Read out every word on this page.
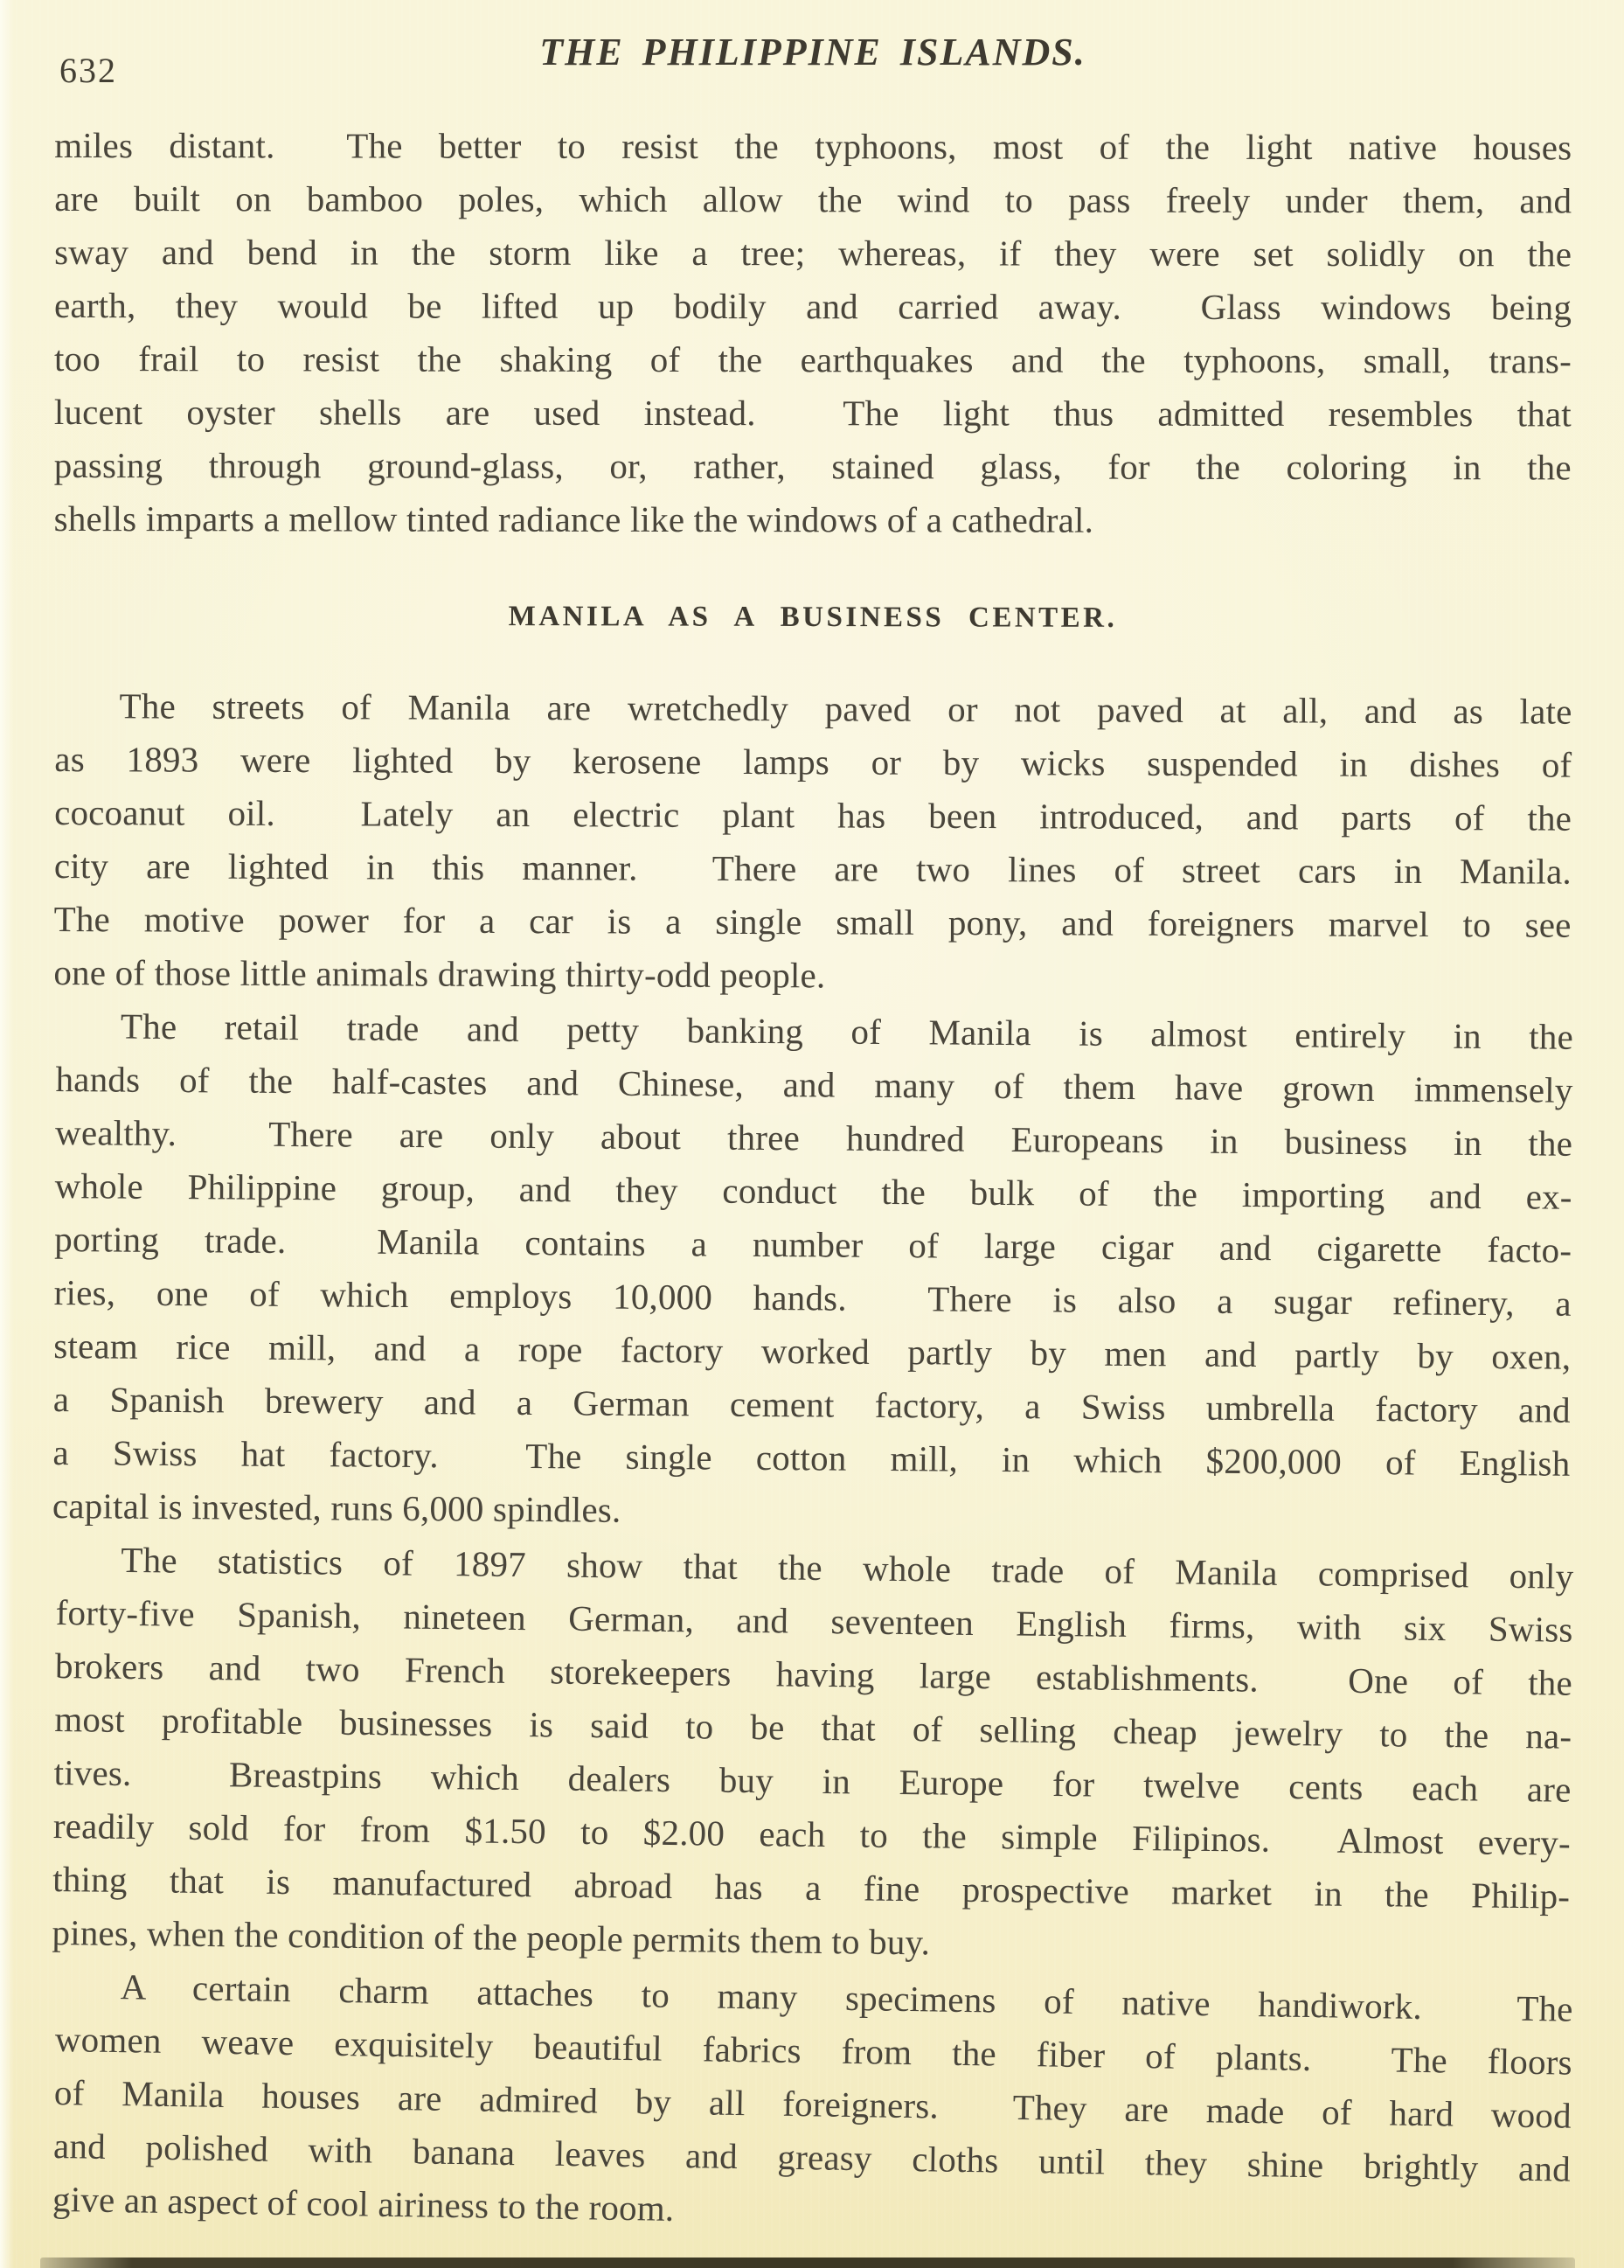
632	THE PHILIPPINE ISLANDS.
miles distant.  The better to resist the typhoons, most of the light native houses
are built on bamboo poles, which allow the wind to pass freely under them, and
sway and bend in the storm like a tree; whereas, if they were set solidly on the
earth, they would be lifted up bodily and carried away.  Glass windows being
too frail to resist the shaking of the earthquakes and the typhoons, small, trans-
lucent oyster shells are used instead.  The light thus admitted resembles that
passing through ground-glass, or, rather, stained glass, for the coloring in the
shells imparts a mellow tinted radiance like the windows of a cathedral.
MANILA AS A BUSINESS CENTER.
The streets of Manila are wretchedly paved or not paved at all, and as late
as 1893 were lighted by kerosene lamps or by wicks suspended in dishes of
cocoanut oil.  Lately an electric plant has been introduced, and parts of the
city are lighted in this manner.  There are two lines of street cars in Manila.
The motive power for a car is a single small pony, and foreigners marvel to see
one of those little animals drawing thirty-odd people.
The retail trade and petty banking of Manila is almost entirely in the
hands of the half-castes and Chinese, and many of them have grown immensely
wealthy.  There are only about three hundred Europeans in business in the
whole Philippine group, and they conduct the bulk of the importing and ex-
porting trade.  Manila contains a number of large cigar and cigarette facto-
ries, one of which employs 10,000 hands.  There is also a sugar refinery, a
steam rice mill, and a rope factory worked partly by men and partly by oxen,
a Spanish brewery and a German cement factory, a Swiss umbrella factory and
a Swiss hat factory.  The single cotton mill, in which $200,000 of English
capital is invested, runs 6,000 spindles.
The statistics of 1897 show that the whole trade of Manila comprised only
forty-five Spanish, nineteen German, and seventeen English firms, with six Swiss
brokers and two French storekeepers having large establishments.  One of the
most profitable businesses is said to be that of selling cheap jewelry to the na-
tives.  Breastpins which dealers buy in Europe for twelve cents each are
readily sold for from $1.50 to $2.00 each to the simple Filipinos.  Almost every-
thing that is manufactured abroad has a fine prospective market in the Philip-
pines, when the condition of the people permits them to buy.
A certain charm attaches to many specimens of native handiwork.  The
women weave exquisitely beautiful fabrics from the fiber of plants.  The floors
of Manila houses are admired by all foreigners.  They are made of hard wood
and polished with banana leaves and greasy cloths until they shine brightly and
give an aspect of cool airiness to the room.
